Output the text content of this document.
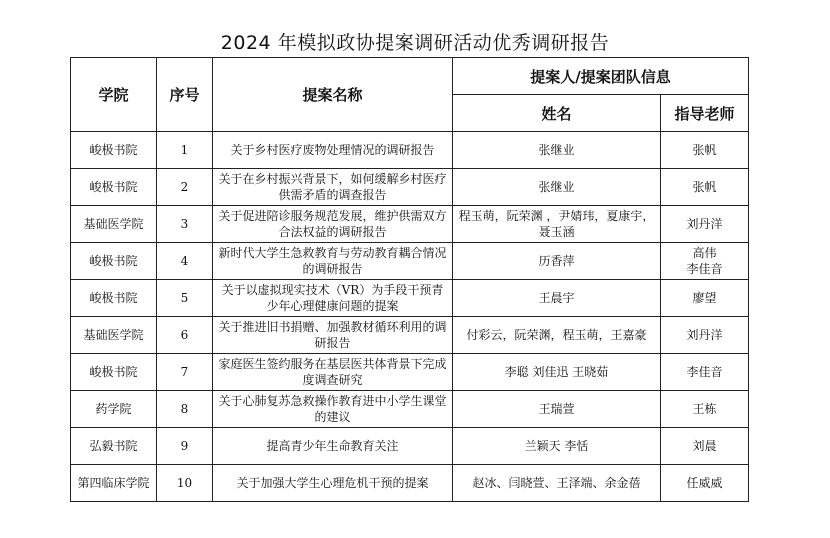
2024 年模拟政协提案调研活动优秀调研报告
学院	序号	提案名称	提案人/提案团队信息	
			姓名	指导老师
峻极书院	1	关于乡村医疗废物处理情况的调研报告	张继业	张帆

峻极书院	2	关于在乡村振兴背景下，如何缓解乡村医疗供需矛盾的调查报告	张继业	张帆

基础医学院	3	关于促进陪诊服务规范发展，维护供需双方合法权益的调研报告	程玉萌，阮荣渊 ，尹婧玮，夏康宇，聂玉涵	刘丹洋

峻极书院	4	新时代大学生急救教育与劳动教育耦合情况的调研报告	历香萍	高伟
李佳音

峻极书院	5	关于以虚拟现实技术（VR）为手段干预青少年心理健康问题的提案	王晨宇	廖望

基础医学院	6	关于推进旧书捐赠、加强教材循环利用的调研报告	付彩云，阮荣渊，程玉萌，王嘉豪	刘丹洋

峻极书院	7	家庭医生签约服务在基层医共体背景下完成度调查研究	李聪 刘佳迅 王晓茹	李佳音

药学院	8	关于心肺复苏急救操作教育进中小学生课堂的建议	王瑞萱	王栋

弘毅书院	9	提高青少年生命教育关注	兰颖天 李恬	刘晨

第四临床学院	10	关于加强大学生心理危机干预的提案	赵冰、闫晓萱、王泽端、余金蓓	任威威
